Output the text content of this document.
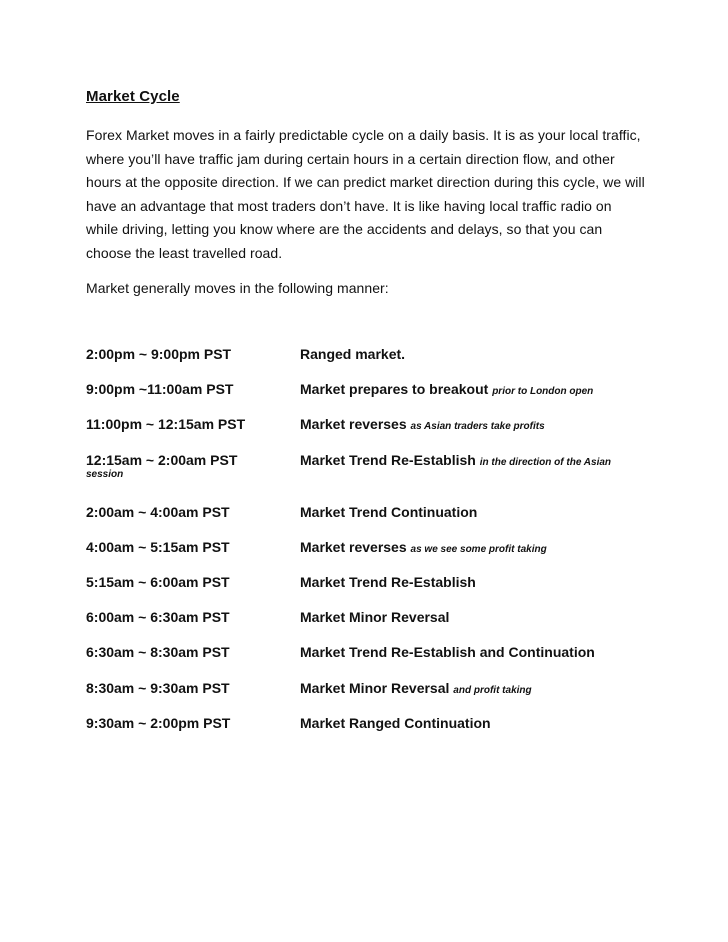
Market Cycle
Forex Market moves in a fairly predictable cycle on a daily basis. It is as your local traffic, where you’ll have traffic jam during certain hours in a certain direction flow, and other hours at the opposite direction. If we can predict market direction during this cycle, we will have an advantage that most traders don’t have. It is like having local traffic radio on while driving, letting you know where are the accidents and delays, so that you can choose the least travelled road.
Market generally moves in the following manner:
2:00pm ~ 9:00pm PST	Ranged market.
9:00pm ~11:00am PST	Market prepares to breakout prior to London open
11:00pm ~ 12:15am PST	Market reverses as Asian traders take profits
12:15am ~ 2:00am PST	Market Trend Re-Establish in the direction of the Asian
session
2:00am ~ 4:00am PST	Market Trend Continuation
4:00am ~ 5:15am PST	Market reverses as we see some profit taking
5:15am ~ 6:00am PST	Market Trend Re-Establish
6:00am ~ 6:30am PST	Market Minor Reversal
6:30am ~ 8:30am PST	Market Trend Re-Establish and Continuation
8:30am ~ 9:30am PST	Market Minor Reversal and profit taking
9:30am ~ 2:00pm PST	Market Ranged Continuation
